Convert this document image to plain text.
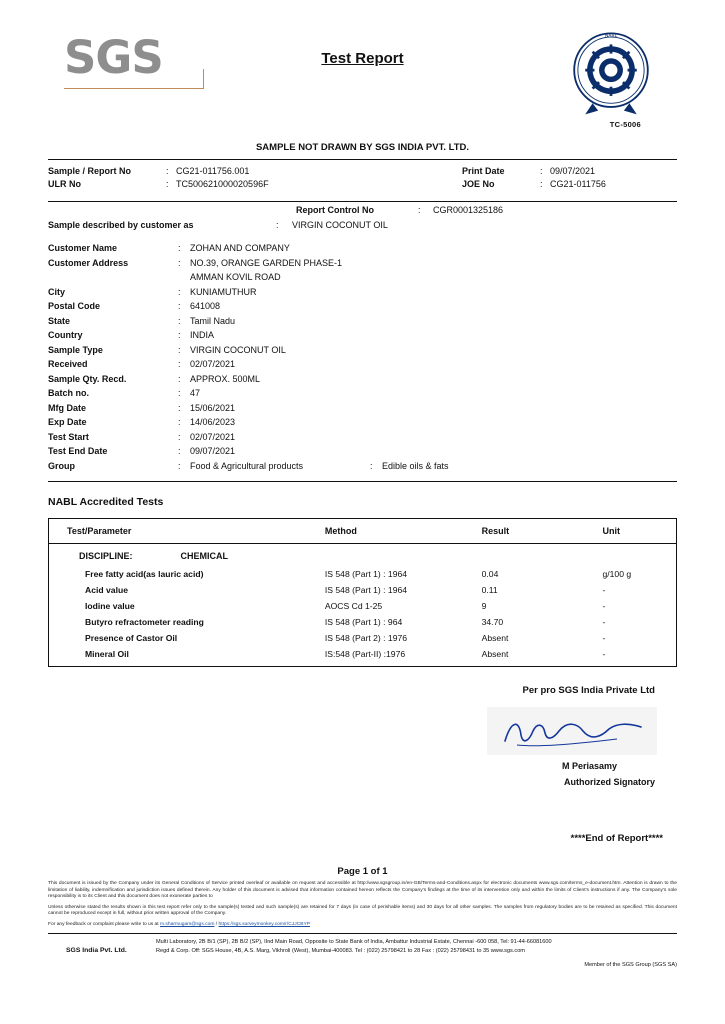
SGS	Test Report
NABL
TC-5006
SAMPLE NOT DRAWN BY SGS INDIA PVT. LTD.
Sample / Report No	: CG21-011756.001
ULR No	: TC500621000020596F
Print Date	: 09/07/2021
JOE No	: CG21-011756
Report Control No	: CGR0001325186
Sample described by customer as	: VIRGIN COCONUT OIL
Customer Name	:	ZOHAN AND COMPANY
Customer Address	:	NO.39, ORANGE GARDEN PHASE-1
AMMAN KOVIL ROAD
City	:	KUNIAMUTHUR
Postal Code	:	641008
State	:	Tamil Nadu
Country	:	INDIA
Sample Type	:	VIRGIN COCONUT OIL
Received	:	02/07/2021
Sample Qty. Recd.	:	APPROX. 500ML
Batch no.	:	47
Mfg Date	:	15/06/2021
Exp Date	:	14/06/2023
Test Start	:	02/07/2021
Test End Date	:	09/07/2021
Group	:	Food & Agricultural products	:	Edible oils & fats
NABL Accredited Tests
Test/Parameter	Method	Result	Unit
DISCIPLINE:	CHEMICAL
Free fatty acid(as lauric acid)	IS 548 (Part 1) : 1964	0.04	g/100 g
Acid value	IS 548 (Part 1) : 1964	0.11	-
Iodine value	AOCS Cd 1-25	9	-
Butyro refractometer reading	IS 548 (Part 1) : 964	34.70	-
Presence of Castor Oil	IS 548 (Part 2) : 1976	Absent	-
Mineral Oil	IS:548 (Part-II) :1976	Absent	-
Per pro SGS India Private Ltd
M Periasamy
Authorized Signatory
****End of Report****
Page 1 of 1
This document is issued by the Company under its General Conditions of Service printed overleaf or available on request and accessible at http:/www.sgsgroup.in/en-GB/Terms-and-Conditions.aspx for electronic documents www.sgs.com/terms_e-document.htm. Attention is drawn to the limitation of liability, indemnification and jurisdiction issues defined therein. Any holder of this document is advised that information contained hereon reflects the Company's findings at the time of its intervention only and within the limits of Client's instructions if any. The Company's sole responsibility is to its Client and this document does not exonerate parties to
Unless otherwise stated the results shown in this test report refer only to the sample(s) tested and such sample(s) are retained for 7 days (in case of perishable items) and 30 days for all other samples. The samples from regulatory bodies are to be retained as specified. This document cannot be reproduced except in full, without prior written approval of the Company.
For any feedback or complaint please write to us at m.sharmugam@sgs.com / https://sgs.surveymonkey.com/r/CJJCBYP
SGS India Pvt. Ltd.
Multi Laboratory, 2B B/1 (SP), 2B B/2 (SP), IInd Main Road, Opposite to State Bank of India, Ambattur Industrial Estate, Chennai -600 058, Tel: 91-44-66081600
Regd & Corp. Off: SGS House, 4B, A.S. Marg, Vikhroli (West), Mumbai-400083. Tel : (022) 25798421 to 28 Fax : (022) 25798431 to 35 www.sgs.com
Member of the SGS Group (SGS SA)
